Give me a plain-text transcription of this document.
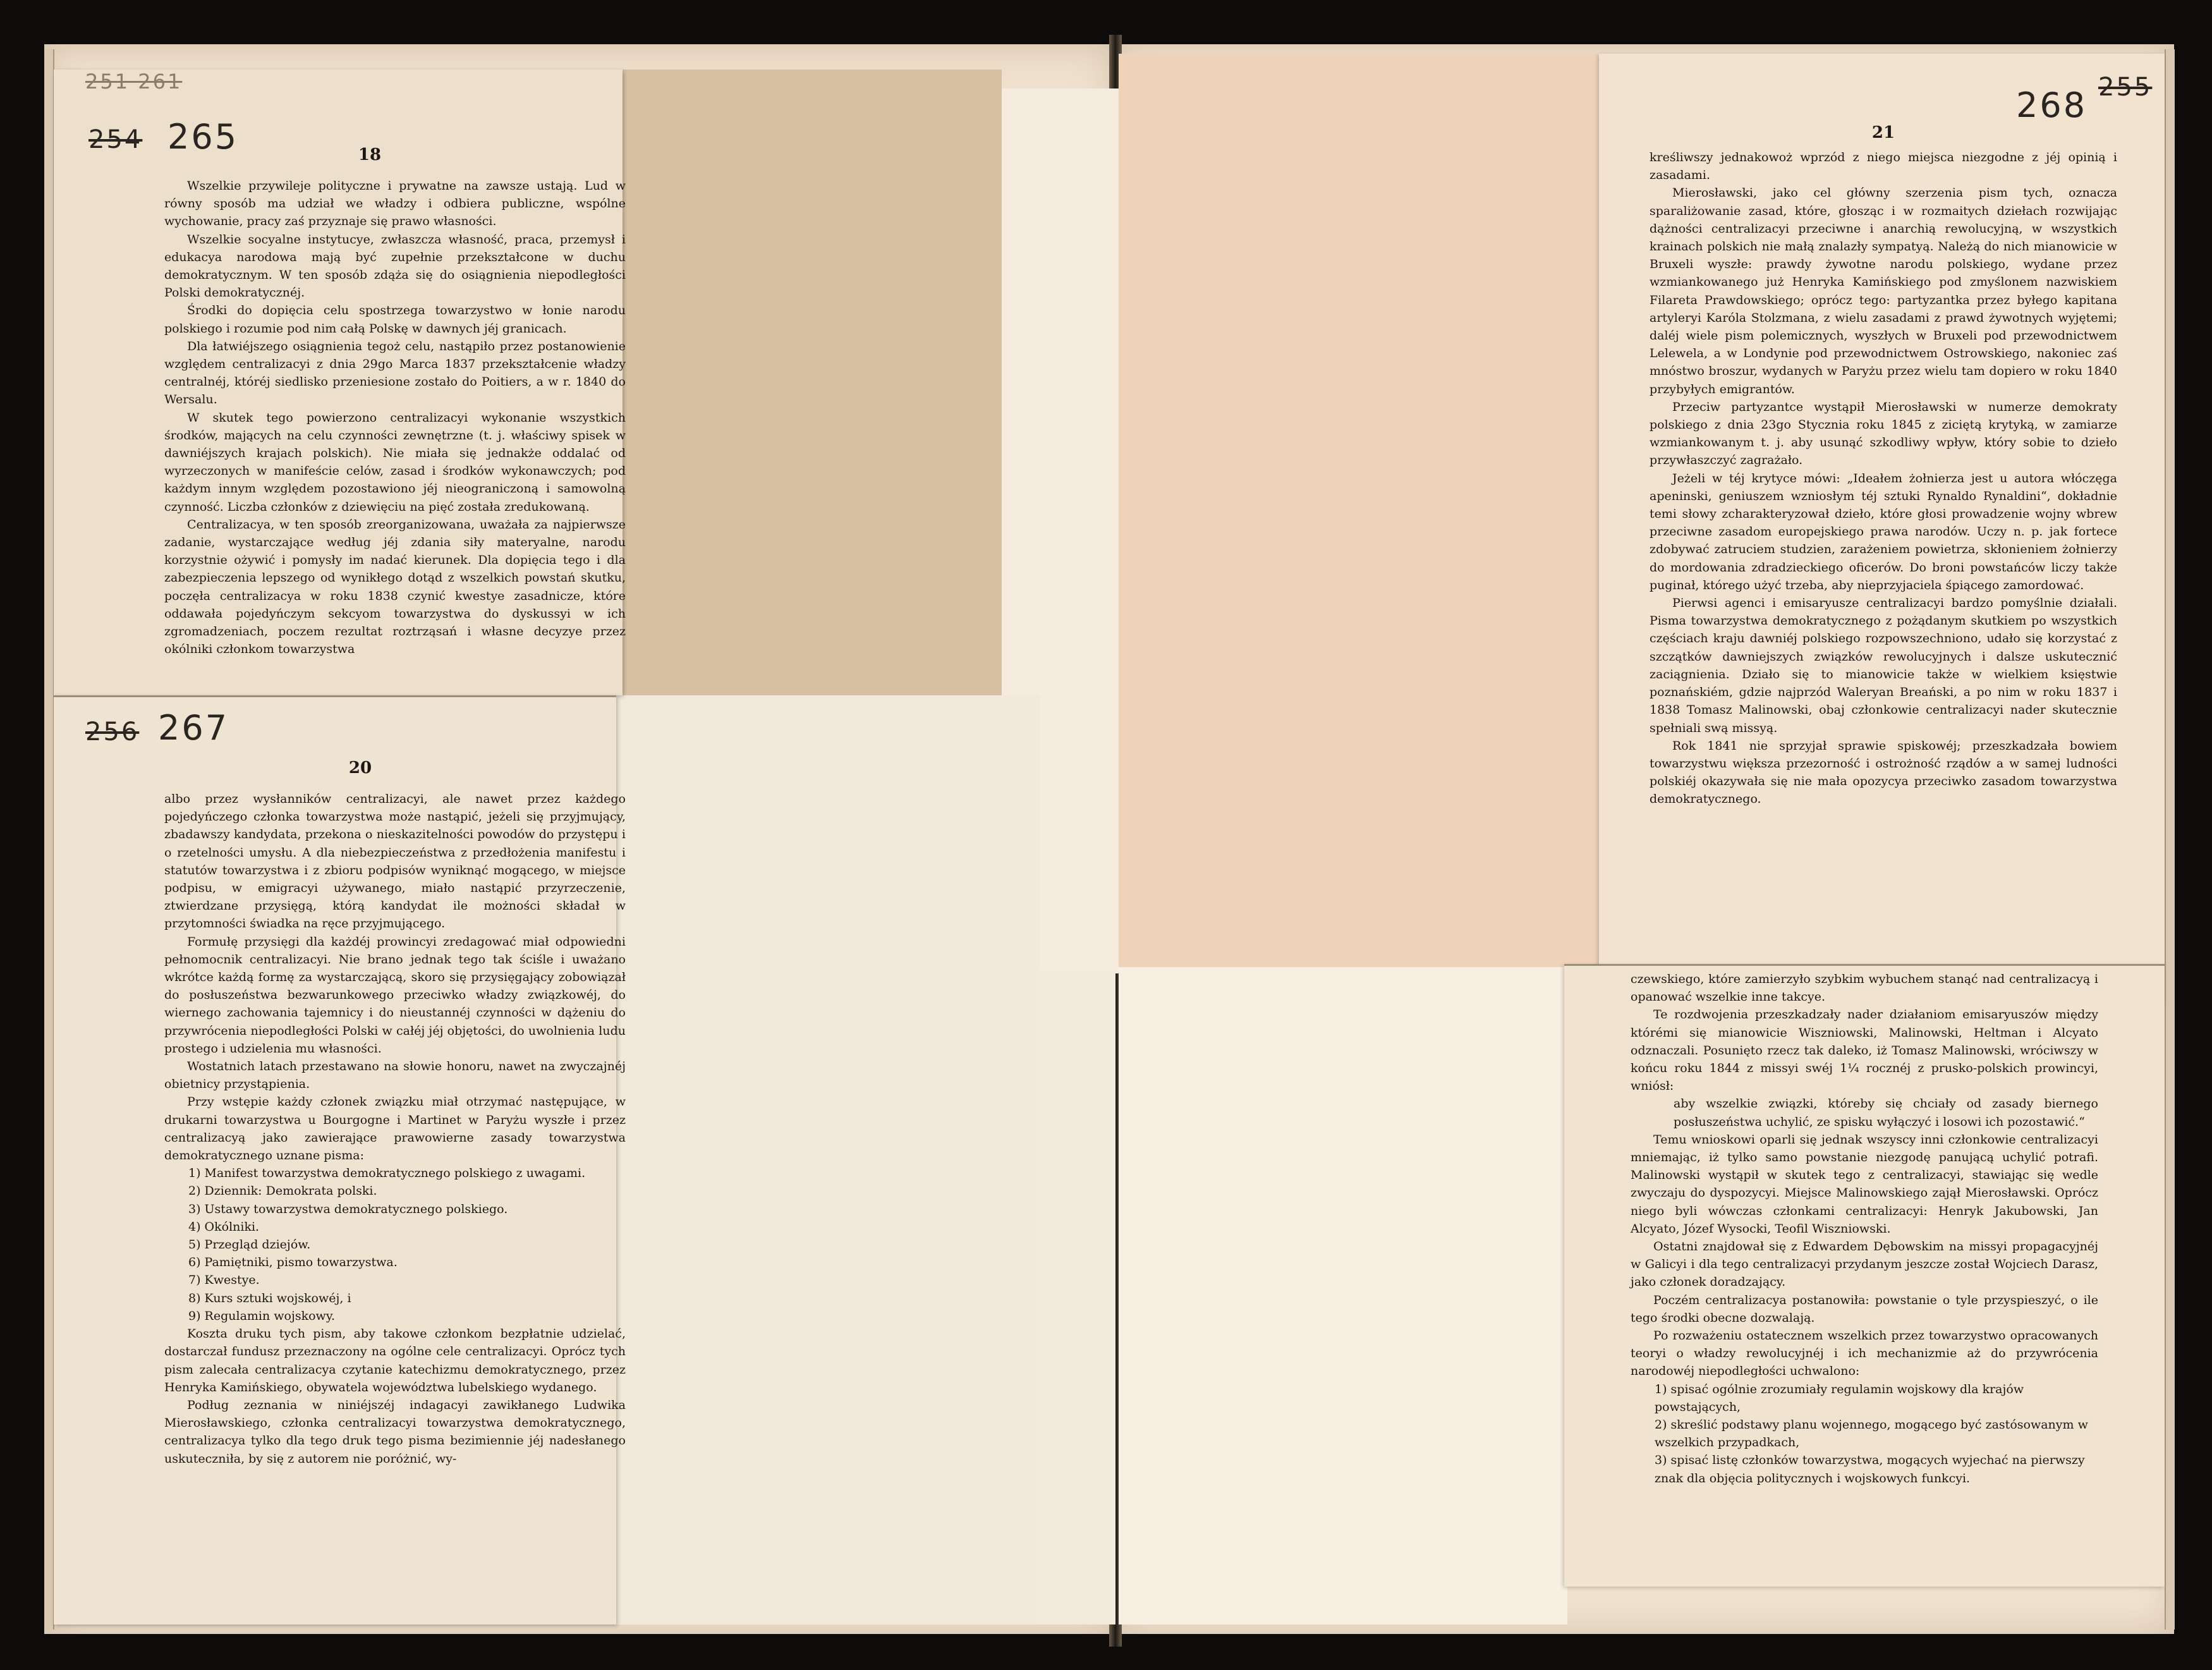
251 261
254 265	18

Wszelkie przywileje polityczne i prywatne na zawsze ustają. Lud w równy sposób ma udział we władzy i odbiera publiczne, wspólne wychowanie, pracy zaś przyznaje się prawo własności.

Wszelkie socyalne instytucye, zwłaszcza własność, praca, przemysł i edukacya narodowa mają być zupełnie przekształcone w duchu demokratycznym. W ten sposób zdąża się do osiągnienia niepodległości Polski demokratycznéj.

Środki do dopięcia celu spostrzega towarzystwo w łonie narodu polskiego i rozumie pod nim całą Polskę w dawnych jéj granicach.

Dla łatwiéjszego osiągnienia tegoż celu, nastąpiło przez postanowienie względem centralizacyi z dnia 29go Marca 1837 przekształcenie władzy centralnéj, któréj siedlisko przeniesione zostało do Poitiers, a w r. 1840 do Wersalu.

W skutek tego powierzono centralizacyi wykonanie wszystkich środków, mających na celu czynności zewnętrzne (t. j. właściwy spisek w dawniéjszych krajach polskich). Nie miała się jednakże oddalać od wyrzeczonych w manifeście celów, zasad i środków wykonawczych; pod każdym innym względem pozostawiono jéj nieograniczoną i samowolną czynność. Liczba członków z dziewięciu na pięć została zredukowaną.

Centralizacya, w ten sposób zreorganizowana, uważała za najpierwsze zadanie, wystarczające według jéj zdania siły materyalne, narodu korzystnie ożywić i pomysły im nadać kierunek. Dla dopięcia tego i dla zabezpieczenia lepszego od wynikłego dotąd z wszelkich powstań skutku, poczęła centralizacya w roku 1838 czynić kwestye zasadnicze, które oddawała pojedyńczym sekcyom towarzystwa do dyskussyi w ich zgromadzeniach, poczem rezultat roztrząsań i własne decyzye przez okólniki członkom towarzystwa

256 267
20

albo przez wysłanników centralizacyi, ale nawet przez każdego pojedyńczego członka towarzystwa może nastąpić, jeżeli się przyjmujący, zbadawszy kandydata, przekona o nieskazitelności powodów do przystępu i o rzetelności umysłu. A dla niebezpieczeństwa z przedłożenia manifestu i statutów towarzystwa i z zbioru podpisów wyniknąć mogącego, w miejsce podpisu, w emigracyi używanego, miało nastąpić przyrzeczenie, ztwierdzane przysięgą, którą kandydat ile możności składał w przytomności świadka na ręce przyjmującego.

Formułę przysięgi dla każdéj prowincyi zredagować miał odpowiedni pełnomocnik centralizacyi. Nie brano jednak tego tak ściśle i uważano wkrótce każdą formę za wystarczającą, skoro się przysięgający zobowiązał do posłuszeństwa bezwarunkowego przeciwko władzy związkowéj, do wiernego zachowania tajemnicy i do nieustannéj czynności w dążeniu do przywrócenia niepodległości Polski w całéj jéj objętości, do uwolnienia ludu prostego i udzielenia mu własności.

Wostatnich latach przestawano na słowie honoru, nawet na zwyczajnéj obietnicy przystąpienia.

Przy wstępie każdy członek związku miał otrzymać następujące, w drukarni towarzystwa u Bourgogne i Martinet w Paryżu wyszłe i przez centralizacyą jako zawierające prawowierne zasady towarzystwa demokratycznego uznane pisma:

1) Manifest towarzystwa demokratycznego polskiego z uwagami.

2) Dziennik: Demokrata polski.

3) Ustawy towarzystwa demokratycznego polskiego.

4) Okólniki.

5) Przegląd dziejów.

6) Pamiętniki, pismo towarzystwa.

7) Kwestye.

8) Kurs sztuki wojskowéj, i

9) Regulamin wojskowy.

Koszta druku tych pism, aby takowe członkom bezpłatnie udzielać, dostarczał fundusz przeznaczony na ogólne cele centralizacyi. Oprócz tych pism zalecała centralizacya czytanie katechizmu demokratycznego, przez Henryka Kamińskiego, obywatela województwa lubelskiego wydanego.

Podług zeznania w niniéjszéj indagacyi zawikłanego Ludwika Mierosławskiego, członka centralizacyi towarzystwa demokratycznego, centralizacya tylko dla tego druk tego pisma bezimiennie jéj nadesłanego uskuteczniła, by się z autorem nie poróżnić, wy-

268 255
21

kreśliwszy jednakowoż wprzód z niego miejsca niezgodne z jéj opinią i zasadami.

Mierosławski, jako cel główny szerzenia pism tych, oznacza sparaliżowanie zasad, które, głosząc i w rozmaitych dziełach rozwijając dążności centralizacyi przeciwne i anarchią rewolucyjną, w wszystkich krainach polskich nie małą znalazły sympatyą. Należą do nich mianowicie w Bruxeli wyszłe: prawdy żywotne narodu polskiego, wydane przez wzmiankowanego już Henryka Kamińskiego pod zmyślonem nazwiskiem Filareta Prawdowskiego; oprócz tego: partyzantka przez byłego kapitana artyleryi Karóla Stolzmana, z wielu zasadami z prawd żywotnych wyjętemi; daléj wiele pism polemicznych, wyszłych w Bruxeli pod przewodnictwem Lelewela, a w Londynie pod przewodnictwem Ostrowskiego, nakoniec zaś mnóstwo broszur, wydanych w Paryżu przez wielu tam dopiero w roku 1840 przybyłych emigrantów.

Przeciw partyzantce wystąpił Mierosławski w numerze demokraty polskiego z dnia 23go Stycznia roku 1845 z ziciętą krytyką, w zamiarze wzmiankowanym t. j. aby usunąć szkodliwy wpływ, który sobie to dzieło przywłaszczyć zagrażało.

Jeżeli w téj krytyce mówi: „Ideałem żołnierza jest u autora włóczęga apeninski, geniuszem wzniosłym téj sztuki Rynaldo Rynaldini“, dokładnie temi słowy zcharakteryzował dzieło, które głosi prowadzenie wojny wbrew przeciwne zasadom europejskiego prawa narodów. Uczy n. p. jak fortece zdobywać zatruciem studzien, zarażeniem powietrza, skłonieniem żołnierzy do mordowania zdradzieckiego oficerów. Do broni powstańców liczy także puginał, którego użyć trzeba, aby nieprzyjaciela śpiącego zamordować.

Pierwsi agenci i emisaryusze centralizacyi bardzo pomyślnie działali. Pisma towarzystwa demokratycznego z pożądanym skutkiem po wszystkich częściach kraju dawniéj polskiego rozpowszechniono, udało się korzystać z szczątków dawniejszych związków rewolucyjnych i dalsze uskutecznić zaciągnienia. Działo się to mianowicie także w wielkiem księstwie poznańskiém, gdzie najprzód Waleryan Breański, a po nim w roku 1837 i 1838 Tomasz Malinowski, obaj członkowie centralizacyi nader skutecznie spełniali swą missyą.

Rok 1841 nie sprzyjał sprawie spiskowéj; przeszkadzała bowiem towarzystwu większa przezorność i ostrożność rządów a w samej ludności polskiéj okazywała się nie mała opozycya przeciwko zasadom towarzystwa demokratycznego.

czewskiego, które zamierzyło szybkim wybuchem stanąć nad centralizacyą i opanować wszelkie inne takcye.

Te rozdwojenia przeszkadzały nader działaniom emisaryuszów między którémi się mianowicie Wiszniowski, Malinowski, Heltman i Alcyato odznaczali. Posunięto rzecz tak daleko, iż Tomasz Malinowski, wróciwszy w końcu roku 1844 z missyi swéj 1¼ rocznéj z prusko-polskich prowincyi, wniósł:

aby wszelkie związki, któreby się chciały od zasady biernego posłuszeństwa uchylić, ze spisku wyłączyć i losowi ich pozostawić.“

Temu wnioskowi oparli się jednak wszyscy inni członkowie centralizacyi mniemając, iż tylko samo powstanie niezgodę panującą uchylić potrafi. Malinowski wystąpił w skutek tego z centralizacyi, stawiając się wedle zwyczaju do dyspozycyi. Miejsce Malinowskiego zajął Mierosławski. Oprócz niego byli wówczas członkami centralizacyi: Henryk Jakubowski, Jan Alcyato, Józef Wysocki, Teofil Wiszniowski.

Ostatni znajdował się z Edwardem Dębowskim na missyi propagacyjnéj w Galicyi i dla tego centralizacyi przydanym jeszcze został Wojciech Darasz, jako członek doradzający.

Poczém centralizacya postanowiła: powstanie o tyle przyspieszyć, o ile tego środki obecne dozwalają.

Po rozważeniu ostatecznem wszelkich przez towarzystwo opracowanych teoryi o władzy rewolucyjnéj i ich mechanizmie aż do przywrócenia narodowéj niepodległości uchwalono:

1) spisać ogólnie zrozumiały regulamin wojskowy dla krajów powstających,

2) skreślić podstawy planu wojennego, mogącego być zastósowanym w wszelkich przypadkach,

3) spisać listę członków towarzystwa, mogących wyjechać na pierwszy znak dla objęcia politycznych i wojskowych funkcyi.
